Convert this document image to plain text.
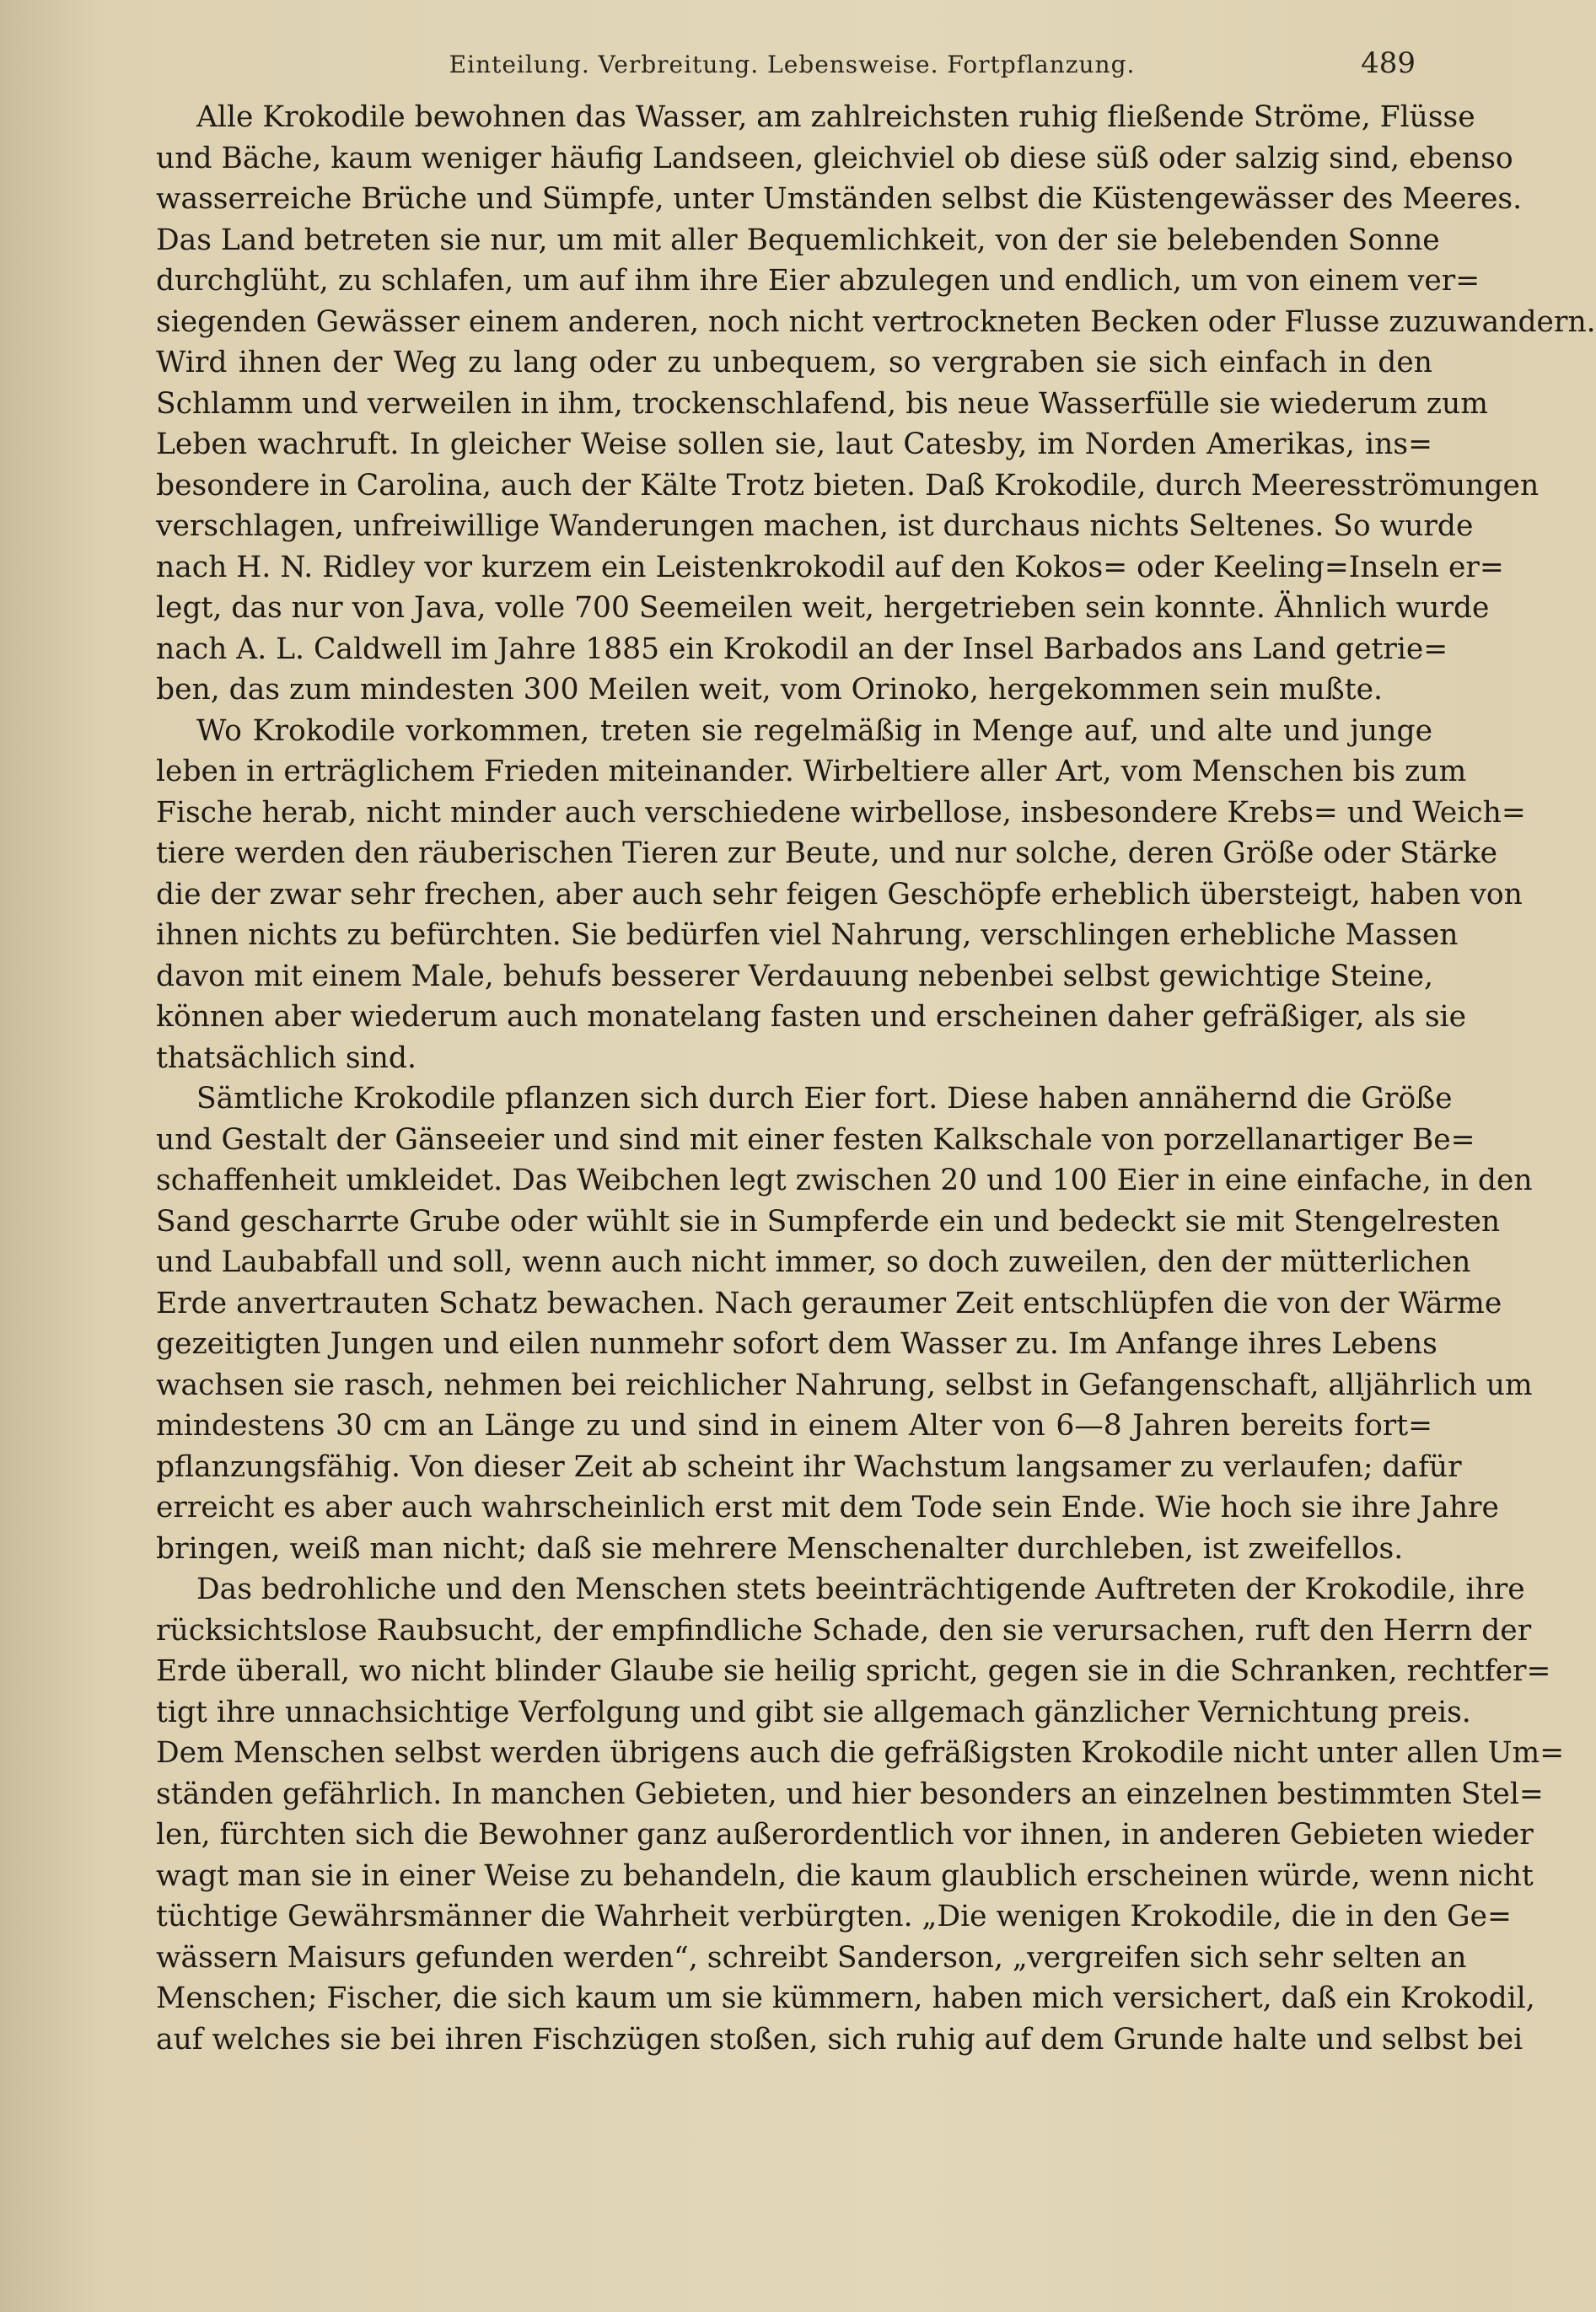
Einteilung. Verbreitung. Lebensweise. Fortpflanzung.	489
Alle Krokodile bewohnen das Wasser, am zahlreichsten ruhig fließende Ströme, Flüsse
und Bäche, kaum weniger häufig Landseen, gleichviel ob diese süß oder salzig sind, ebenso
wasserreiche Brüche und Sümpfe, unter Umständen selbst die Küstengewässer des Meeres.
Das Land betreten sie nur, um mit aller Bequemlichkeit, von der sie belebenden Sonne
durchglüht, zu schlafen, um auf ihm ihre Eier abzulegen und endlich, um von einem ver=
siegenden Gewässer einem anderen, noch nicht vertrockneten Becken oder Flusse zuzuwandern.
Wird ihnen der Weg zu lang oder zu unbequem, so vergraben sie sich einfach in den
Schlamm und verweilen in ihm, trockenschlafend, bis neue Wasserfülle sie wiederum zum
Leben wachruft. In gleicher Weise sollen sie, laut Catesby, im Norden Amerikas, ins=
besondere in Carolina, auch der Kälte Trotz bieten. Daß Krokodile, durch Meeresströmungen
verschlagen, unfreiwillige Wanderungen machen, ist durchaus nichts Seltenes. So wurde
nach H. N. Ridley vor kurzem ein Leistenkrokodil auf den Kokos= oder Keeling=Inseln er=
legt, das nur von Java, volle 700 Seemeilen weit, hergetrieben sein konnte. Ähnlich wurde
nach A. L. Caldwell im Jahre 1885 ein Krokodil an der Insel Barbados ans Land getrie=
ben, das zum mindesten 300 Meilen weit, vom Orinoko, hergekommen sein mußte.
Wo Krokodile vorkommen, treten sie regelmäßig in Menge auf, und alte und junge
leben in erträglichem Frieden miteinander. Wirbeltiere aller Art, vom Menschen bis zum
Fische herab, nicht minder auch verschiedene wirbellose, insbesondere Krebs= und Weich=
tiere werden den räuberischen Tieren zur Beute, und nur solche, deren Größe oder Stärke
die der zwar sehr frechen, aber auch sehr feigen Geschöpfe erheblich übersteigt, haben von
ihnen nichts zu befürchten. Sie bedürfen viel Nahrung, verschlingen erhebliche Massen
davon mit einem Male, behufs besserer Verdauung nebenbei selbst gewichtige Steine,
können aber wiederum auch monatelang fasten und erscheinen daher gefräßiger, als sie
thatsächlich sind.
Sämtliche Krokodile pflanzen sich durch Eier fort. Diese haben annähernd die Größe
und Gestalt der Gänseeier und sind mit einer festen Kalkschale von porzellanartiger Be=
schaffenheit umkleidet. Das Weibchen legt zwischen 20 und 100 Eier in eine einfache, in den
Sand gescharrte Grube oder wühlt sie in Sumpferde ein und bedeckt sie mit Stengelresten
und Laubabfall und soll, wenn auch nicht immer, so doch zuweilen, den der mütterlichen
Erde anvertrauten Schatz bewachen. Nach geraumer Zeit entschlüpfen die von der Wärme
gezeitigten Jungen und eilen nunmehr sofort dem Wasser zu. Im Anfange ihres Lebens
wachsen sie rasch, nehmen bei reichlicher Nahrung, selbst in Gefangenschaft, alljährlich um
mindestens 30 cm an Länge zu und sind in einem Alter von 6—8 Jahren bereits fort=
pflanzungsfähig. Von dieser Zeit ab scheint ihr Wachstum langsamer zu verlaufen; dafür
erreicht es aber auch wahrscheinlich erst mit dem Tode sein Ende. Wie hoch sie ihre Jahre
bringen, weiß man nicht; daß sie mehrere Menschenalter durchleben, ist zweifellos.
Das bedrohliche und den Menschen stets beeinträchtigende Auftreten der Krokodile, ihre
rücksichtslose Raubsucht, der empfindliche Schade, den sie verursachen, ruft den Herrn der
Erde überall, wo nicht blinder Glaube sie heilig spricht, gegen sie in die Schranken, rechtfer=
tigt ihre unnachsichtige Verfolgung und gibt sie allgemach gänzlicher Vernichtung preis.
Dem Menschen selbst werden übrigens auch die gefräßigsten Krokodile nicht unter allen Um=
ständen gefährlich. In manchen Gebieten, und hier besonders an einzelnen bestimmten Stel=
len, fürchten sich die Bewohner ganz außerordentlich vor ihnen, in anderen Gebieten wieder
wagt man sie in einer Weise zu behandeln, die kaum glaublich erscheinen würde, wenn nicht
tüchtige Gewährsmänner die Wahrheit verbürgten. „Die wenigen Krokodile, die in den Ge=
wässern Maisurs gefunden werden“, schreibt Sanderson, „vergreifen sich sehr selten an
Menschen; Fischer, die sich kaum um sie kümmern, haben mich versichert, daß ein Krokodil,
auf welches sie bei ihren Fischzügen stoßen, sich ruhig auf dem Grunde halte und selbst bei
